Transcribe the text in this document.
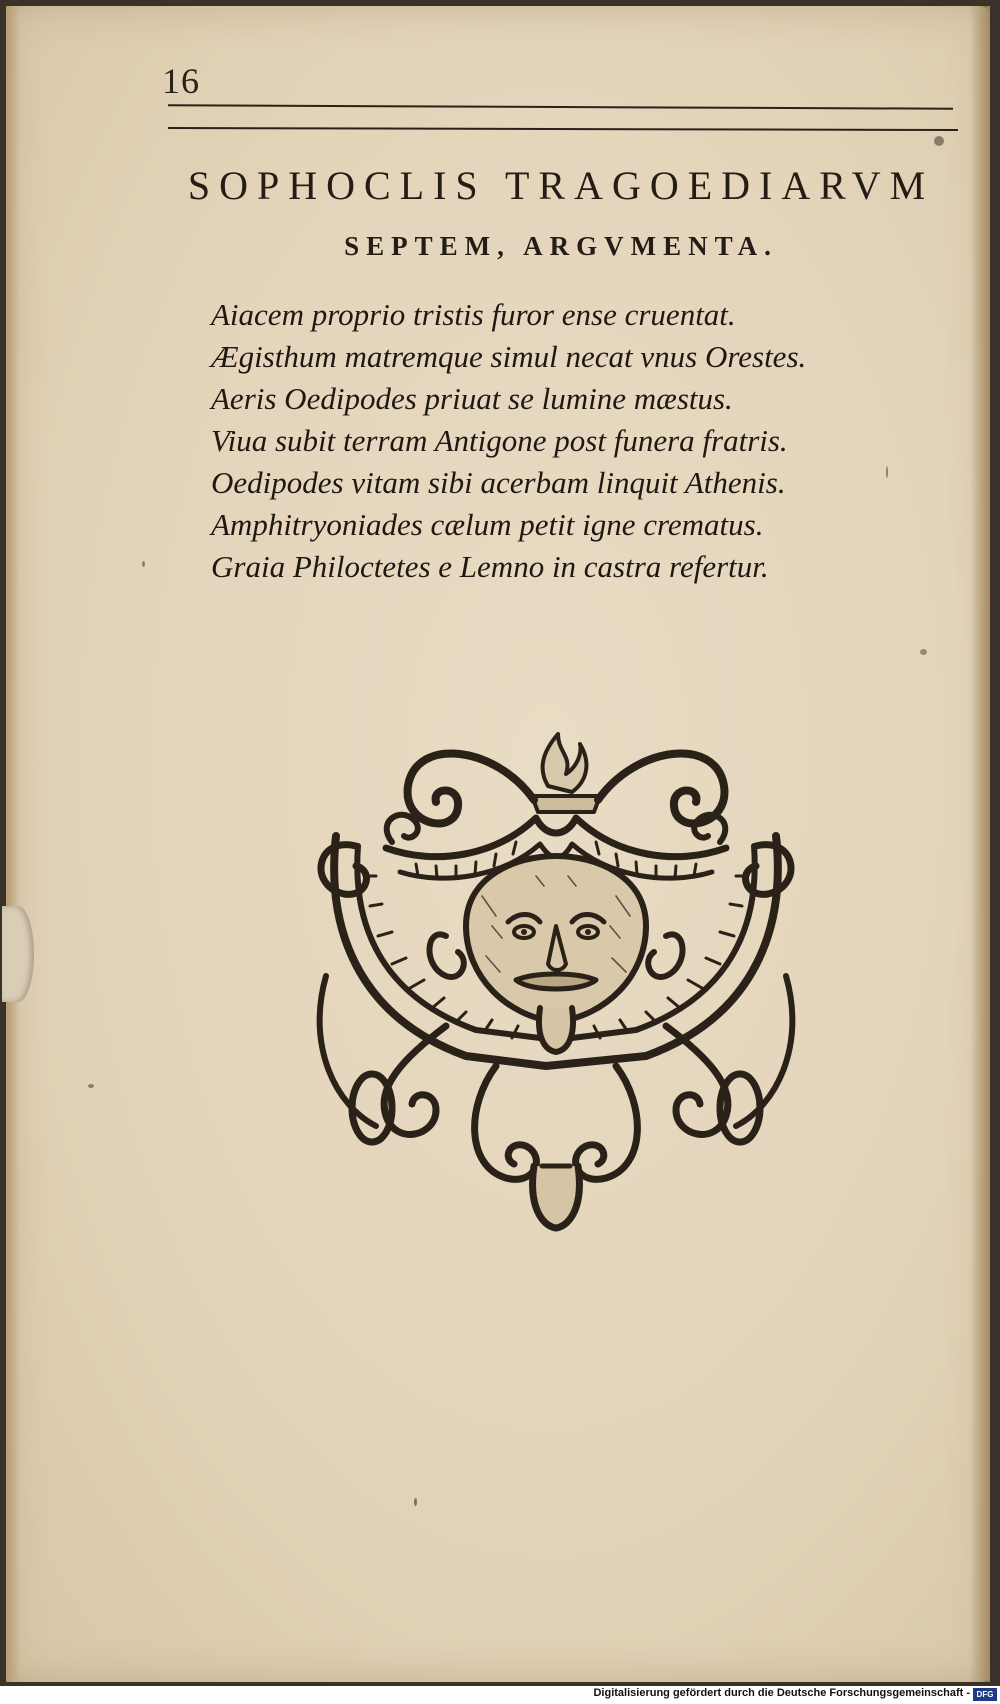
16
SOPHOCLIS TRAGOEDIARVM
SEPTEM, ARGVMENTA.
Aiacem proprio tristis furor ense cruentat.
Ægisthum matremque simul necat vnus Orestes.
Aeris Oedipodes priuat se lumine mæstus.
Viua subit terram Antigone post funera fratris.
Oedipodes vitam sibi acerbam linquit Athenis.
Amphitryoniades cælum petit igne crematus.
Graia Philoctetes e Lemno in castra refertur.
Digitalisierung gefördert durch die Deutsche Forschungsgemeinschaft - DFG
